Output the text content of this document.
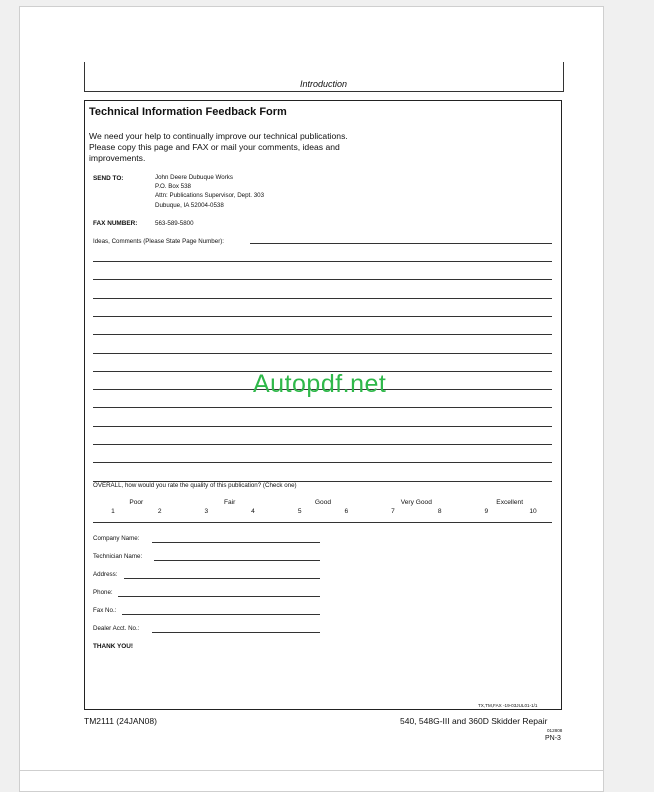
Introduction
Technical Information Feedback Form
We need your help to continually improve our technical publications. Please copy this page and FAX or mail your comments, ideas and improvements.
SEND TO:	John Deere Dubuque Works
P.O. Box 538
Attn: Publications Supervisor, Dept. 303
Dubuque, IA 52004-0538
FAX NUMBER:	563-589-5800
Ideas, Comments (Please State Page Number):
OVERALL, how would you rate the quality of this publication? (Check one)
1	2	3	4	5	6	7	8	9	10
Poor	Fair	Good	Very Good	Excellent
Company Name:
Technician Name:
Address:
Phone:
Fax No.:
Dealer Acct. No.:
THANK YOU!
TX,TM,FAX -19-03JUL01-1/1
Autopdf.net
TM2111 (24JAN08)	540, 548G-III and 360D Skidder Repair
012808
PN-3
